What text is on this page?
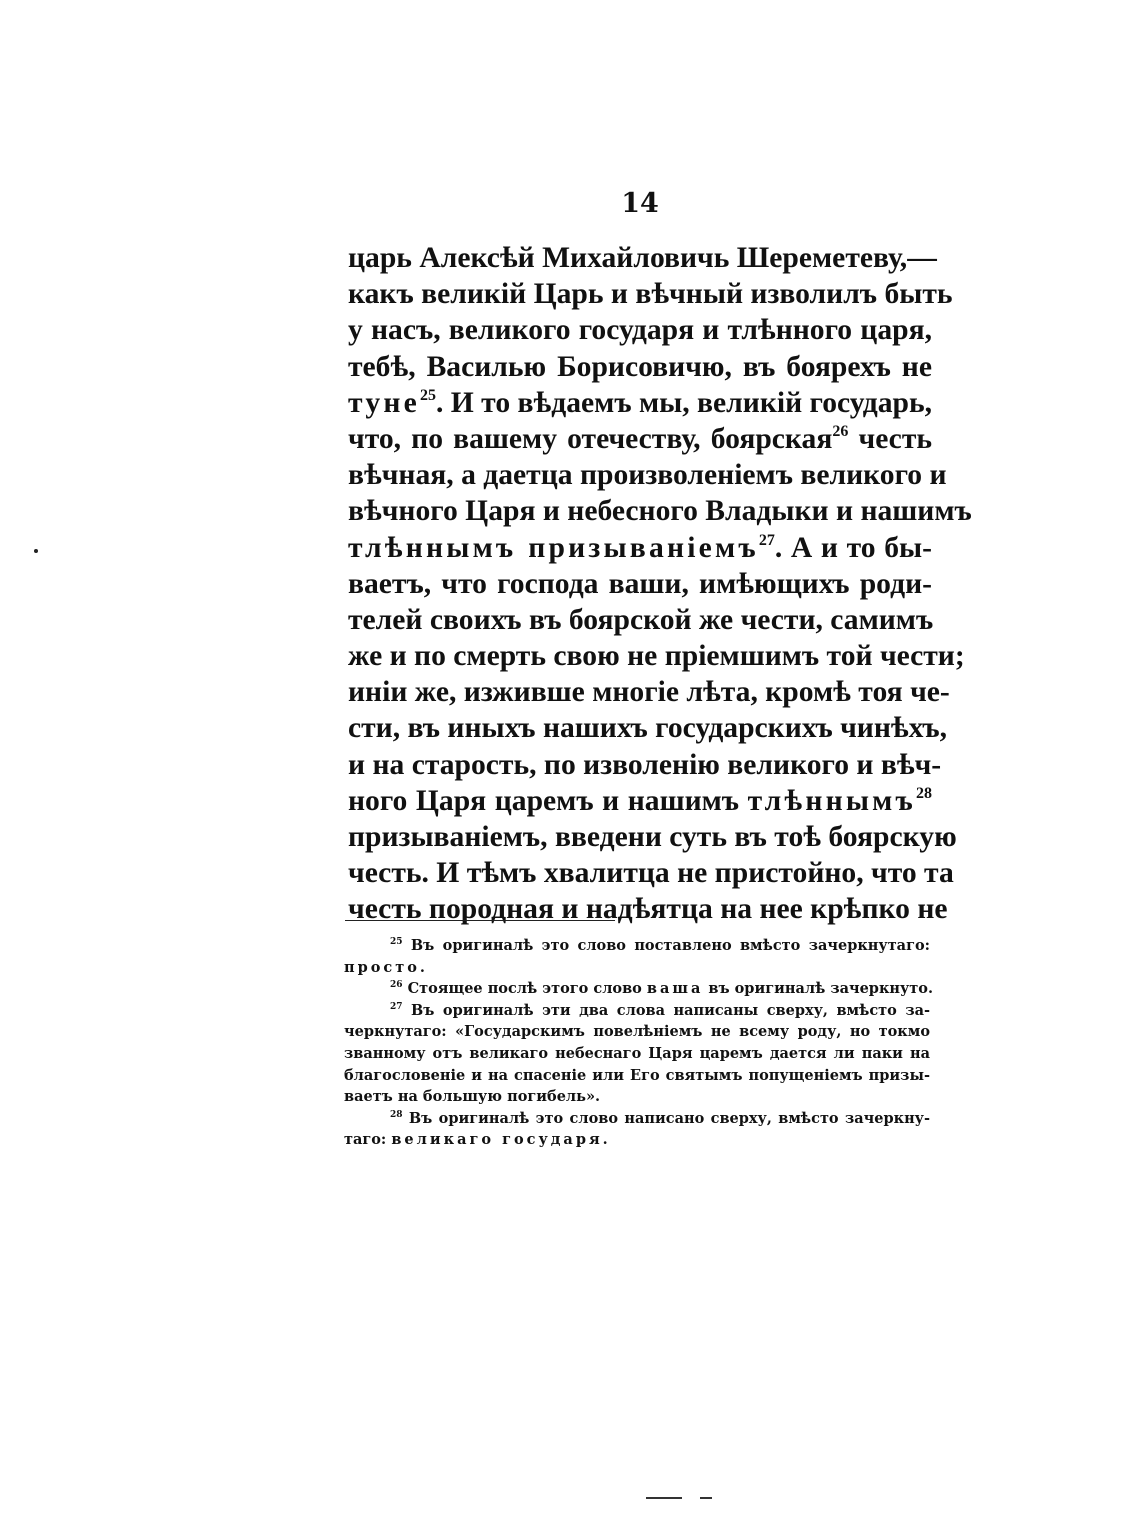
14
царь Алексѣй Михайловичь Шереметеву,—
какъ великій Царь и вѣчный изволилъ быть
у насъ, великого государя и тлѣнного царя,
тебѣ, Василью Борисовичю, въ боярехъ не
туне$^{25}$. И то вѣдаемъ мы, великій государь,
что, по вашему отечеству, боярская$^{26}$ честь
вѣчная, а даетца произволеніемъ великого и
вѣчного Царя и небесного Владыки и нашимъ
тлѣннымъ призываніемъ$^{27}$. А и то бы-
ваетъ, что господа ваши, имѣющихъ роди-
телей своихъ въ боярской же чести, самимъ
же и по смерть свою не пріемшимъ той чести;
иніи же, изживше многіе лѣта, кромѣ тоя че-
сти, въ иныхъ нашихъ государскихъ чинѣхъ,
и на старость, по изволенію великого и вѣч-
ного Царя царемъ и нашимъ тлѣннымъ$^{28}$
призываніемъ, введени суть въ тоѣ боярскую
честь. И тѣмъ хвалитца не пристойно, что та
честь породная и надѣятца на нее крѣпко не
$^{25}$ Въ оригиналѣ это слово поставлено вмѣсто зачеркнутаго:
просто.
$^{26}$ Стоящее послѣ этого слово ваша въ оригиналѣ зачеркнуто.
$^{27}$ Въ оригиналѣ эти два слова написаны сверху, вмѣсто за-
черкнутаго: «Государскимъ повелѣніемъ не всему роду, но токмо
званному отъ великаго небеснаго Царя царемъ дается ли паки на
благословеніе и на спасеніе или Его святымъ попущеніемъ призы-
ваетъ на большую погибель».
$^{28}$ Въ оригиналѣ это слово написано сверху, вмѣсто зачеркну-
таго: великаго государя.
